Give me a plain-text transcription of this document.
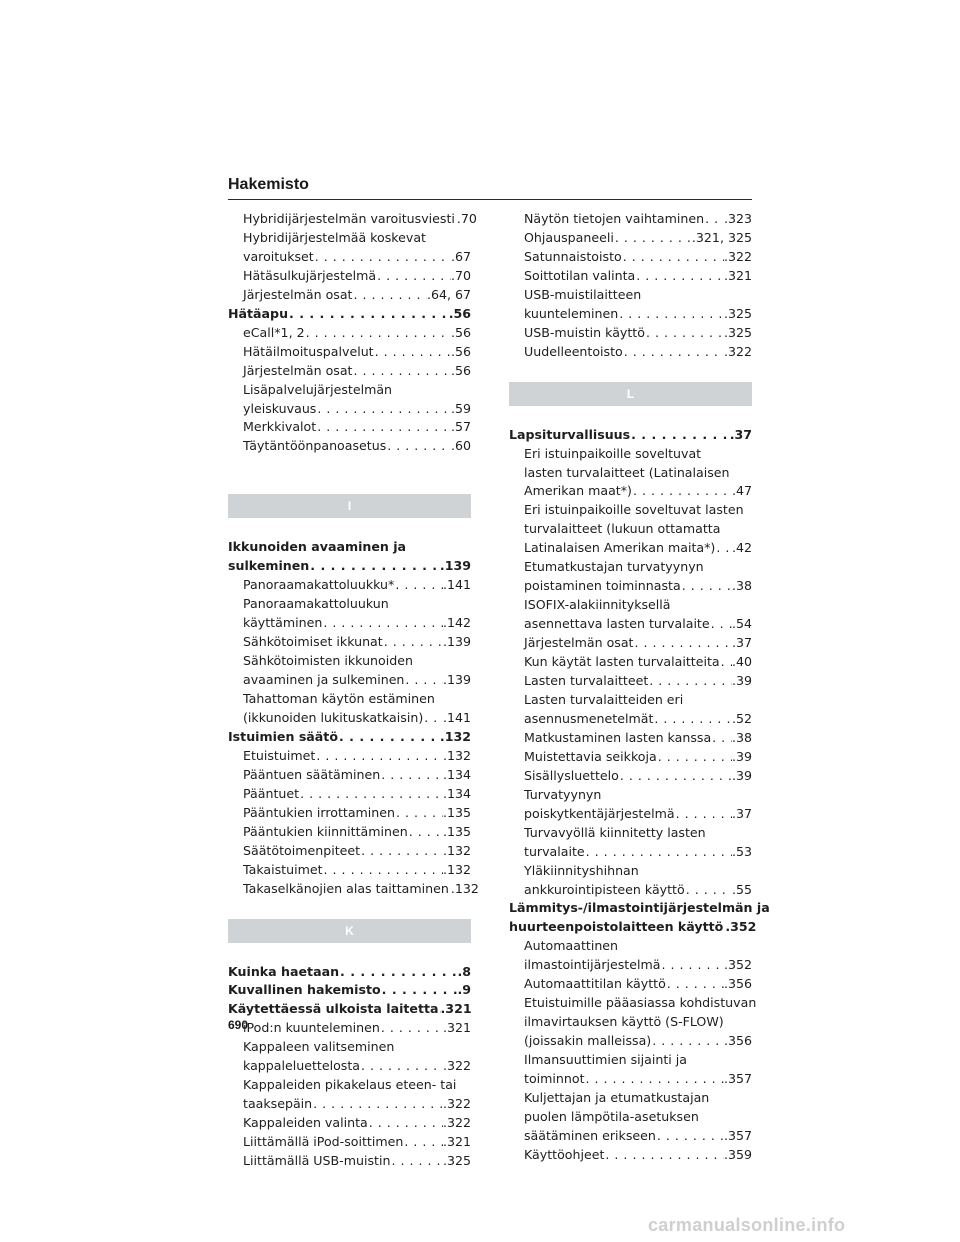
Hakemisto
Hybridijärjestelmän varoitusviesti . . . .70
Hybridijärjestelmää koskevat
varoitukset . . .	.67
Hätäsulkujärjestelmä . . .	.70
Järjestelmän osat . . .	.64, 67
Hätäapu . . .	.56
eCall*1, 2 . . .	.56
Hätäilmoituspalvelut . . .	.56
Järjestelmän osat . . .	.56
Lisäpalvelujärjestelmän
yleiskuvaus . . .	.59
Merkkivalot . . .	.57
Täytäntöönpanoasetus . . .	.60
I
Ikkunoiden avaaminen ja
sulkeminen . . .	.139
Panoraamakattoluukku* . . .	.141
Panoraamakattoluukun
käyttäminen . . .	.142
Sähkötoimiset ikkunat . . .	.139
Sähkötoimisten ikkunoiden
avaaminen ja sulkeminen . . .	.139
Tahattoman käytön estäminen
(ikkunoiden lukituskatkaisin) . . . .141
Istuimien säätö . . .	.132
Etuistuimet . . .	.132
Pääntuen säätäminen . . .	.134
Pääntuet . . .	.134
Pääntukien irrottaminen . . .	.135
Pääntukien kiinnittäminen . . .	.135
Säätötoimenpiteet . . .	.132
Takaistuimet . . .	.132
Takaselkänojien alas taittaminen . . . .132
K
Kuinka haetaan . . .	.8
Kuvallinen hakemisto . . .	.9
Käytettäessä ulkoista laitetta . . . .321
iPod:n kuunteleminen . . .	.321
Kappaleen valitseminen
kappaleluettelosta . . .	.322
Kappaleiden pikakelaus eteen- tai
taaksepäin . . .	.322
Kappaleiden valinta . . .	.322
Liittämällä iPod-soittimen . . .	.321
Liittämällä USB-muistin . . .	.325
Näytön tietojen vaihtaminen . . . .323
Ohjauspaneeli . . .	.321, 325
Satunnaistoisto . . .	.322
Soittotilan valinta . . .	.321
USB-muistilaitteen
kuunteleminen . . .	.325
USB-muistin käyttö . . .	.325
Uudelleentoisto . . .	.322
L
Lapsiturvallisuus . . .	.37
Eri istuinpaikoille soveltuvat
lasten turvalaitteet (Latinalaisen
Amerikan maat*) . . .	.47
Eri istuinpaikoille soveltuvat lasten
turvalaitteet (lukuun ottamatta
Latinalaisen Amerikan maita*) . . . .42
Etumatkustajan turvatyynyn
poistaminen toiminnasta . . .	.38
ISOFIX-alakiinnityksellä
asennettava lasten turvalaite . . . .54
Järjestelmän osat . . .	.37
Kun käytät lasten turvalaitteita . . . .40
Lasten turvalaitteet . . .	.39
Lasten turvalaitteiden eri
asennusmenetelmät . . .	.52
Matkustaminen lasten kanssa . . . .38
Muistettavia seikkoja . . .	.39
Sisällysluettelo . . .	.39
Turvatyynyn
poiskytkentäjärjestelmä . . .	.37
Turvavyöllä kiinnitetty lasten
turvalaite . . .	.53
Yläkiinnityshihnan
ankkurointipisteen käyttö . . .	.55
Lämmitys-/ilmastointijärjestelmän ja
huurteenpoistolaitteen käyttö . . . .352
Automaattinen
ilmastointijärjestelmä . . .	.352
Automaattitilan käyttö . . .	.356
Etuistuimille pääasiassa kohdistuvan
ilmavirtauksen käyttö (S-FLOW)
(joissakin malleissa) . . .	.356
Ilmansuuttimien sijainti ja
toiminnot . . .	.357
Kuljettajan ja etumatkustajan
puolen lämpötila-asetuksen
säätäminen erikseen . . .	.357
Käyttöohjeet . . .	.359
690
carmanualsonline.info
